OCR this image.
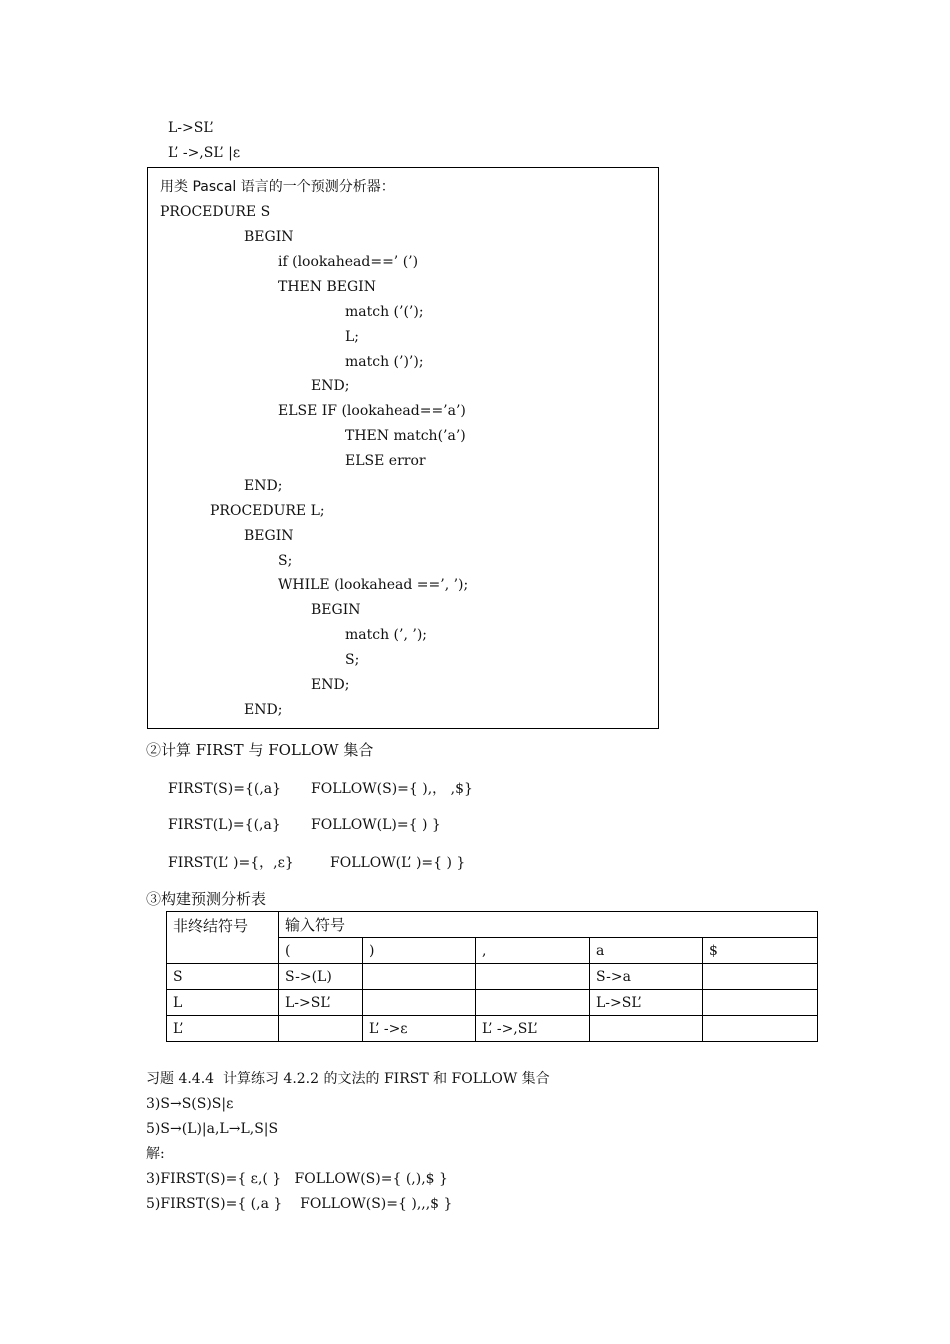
L->SL’
L’ ->,SL’ |ε
用类 Pascal 语言的一个预测分析器：
PROCEDURE S
BEGIN
if (lookahead==’ (’)
THEN BEGIN
match (’(’);
L;
match (’)’);
END;
ELSE IF (lookahead==’a’)
THEN match(’a’)
ELSE error
END;
PROCEDURE L;
BEGIN
S;
WHILE (lookahead ==’, ’);
BEGIN
match (’, ’);
S;
END;
END;
②计算 FIRST 与 FOLLOW 集合
FIRST(S)={(,a} FOLLOW(S)={ ),， ,$}
FIRST(L)={(,a} FOLLOW(L)={ ) }
FIRST(L’ )={，,ε}	FOLLOW(L’ )={ ) }
③构建预测分析表
非终结符号	输入符号				
	(	)	,	a	$
S	S->(L)			S->a	
L	L->SL’			L->SL’	
L’		L’ ->ε	L’ ->,SL’		
习题 4.4.4  计算练习 4.2.2 的文法的 FIRST 和 FOLLOW 集合
3)S→S(S)S|ε
5)S→(L)|a,L→L,S|S
解:
3)FIRST(S)={ ε,( }   FOLLOW(S)={ (,),$ }
5)FIRST(S)={ (,a }    FOLLOW(S)={ ),,,$ }
